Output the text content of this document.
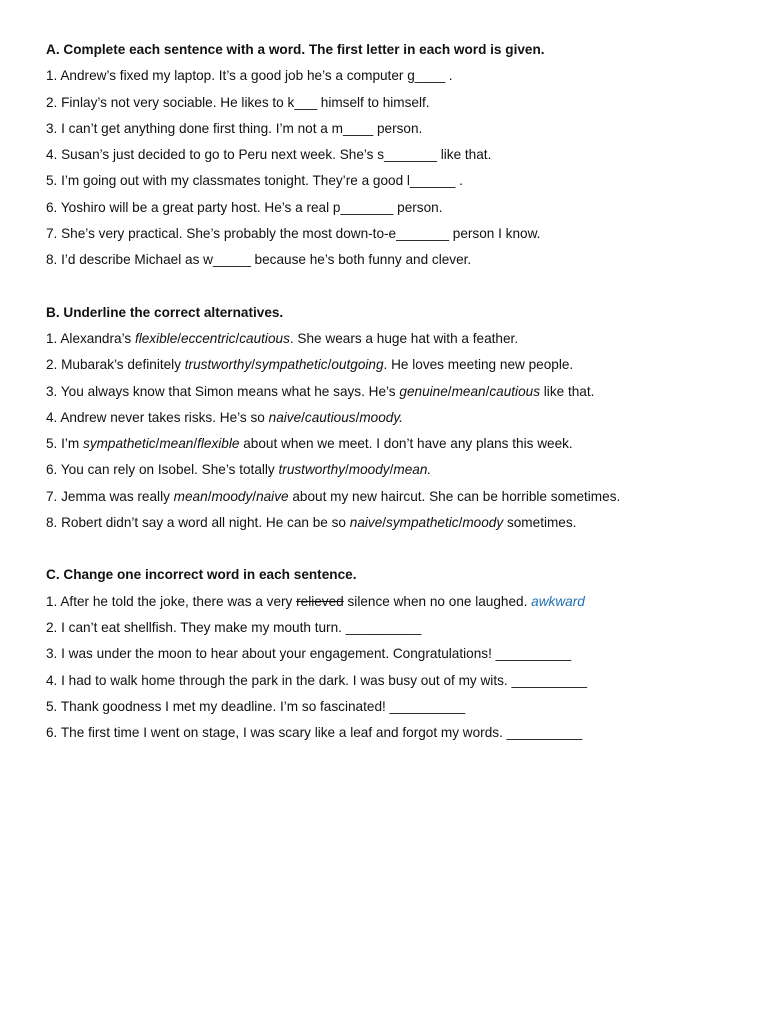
A. Complete each sentence with a word. The first letter in each word is given.
1. Andrew’s fixed my laptop. It’s a good job he’s a computer g____ .
2. Finlay’s not very sociable. He likes to k___ himself to himself.
3. I can’t get anything done first thing. I’m not a m____ person.
4. Susan’s just decided to go to Peru next week. She’s s_______ like that.
5. I’m going out with my classmates tonight. They’re a good l______ .
6. Yoshiro will be a great party host. He’s a real p_______ person.
7. She’s very practical. She’s probably the most down-to-e_______ person I know.
8. I’d describe Michael as w_____ because he’s both funny and clever.
B. Underline the correct alternatives.
1. Alexandra’s flexible/eccentric/cautious. She wears a huge hat with a feather.
2. Mubarak’s definitely trustworthy/sympathetic/outgoing. He loves meeting new people.
3. You always know that Simon means what he says. He’s genuine/mean/cautious like that.
4. Andrew never takes risks. He’s so naive/cautious/moody.
5. I’m sympathetic/mean/flexible about when we meet. I don’t have any plans this week.
6. You can rely on Isobel. She’s totally trustworthy/moody/mean.
7. Jemma was really mean/moody/naive about my new haircut. She can be horrible sometimes.
8. Robert didn’t say a word all night. He can be so naive/sympathetic/moody sometimes.
C. Change one incorrect word in each sentence.
1. After he told the joke, there was a very relieved silence when no one laughed. awkward
2. I can’t eat shellfish. They make my mouth turn. __________
3. I was under the moon to hear about your engagement. Congratulations! __________
4. I had to walk home through the park in the dark. I was busy out of my wits. __________
5. Thank goodness I met my deadline. I’m so fascinated! __________
6. The first time I went on stage, I was scary like a leaf and forgot my words. __________
